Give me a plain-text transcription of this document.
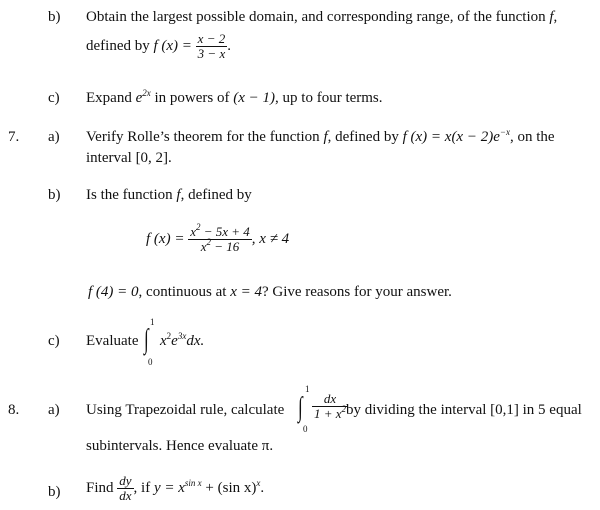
b) Obtain the largest possible domain, and corresponding range, of the function f,
defined by f $(x) = \frac{x - 2}{3 - x}$ .
c) Expand $e^{2x}$ in powers of (x − 1), up to four terms.
7. a) Verify Rolle’s theorem for the function f, defined by f $(x) = x(x - 2)e^{-x}$, on the
interval [0, 2].
b) Is the function f, defined by
f $(x) = \frac{x^2 - 5x + 4}{x^2 - 16}$ , x ≠ 4
f (4) = 0, continuous at x = 4? Give reasons for your answer.
c) Evaluate
1
∫
0
$x^2e^{3x}dx$.
8. a) Using Trapezoidal rule, calculate
1
∫
0
$\frac{dx}{1 + x^2}$
by dividing the interval [0,1] in 5 equal
subintervals. Hence evaluate π.
b) Find $\frac{dy}{dx}$ , if $y = x^{sin x} + (\sin$ x)$^x$.
